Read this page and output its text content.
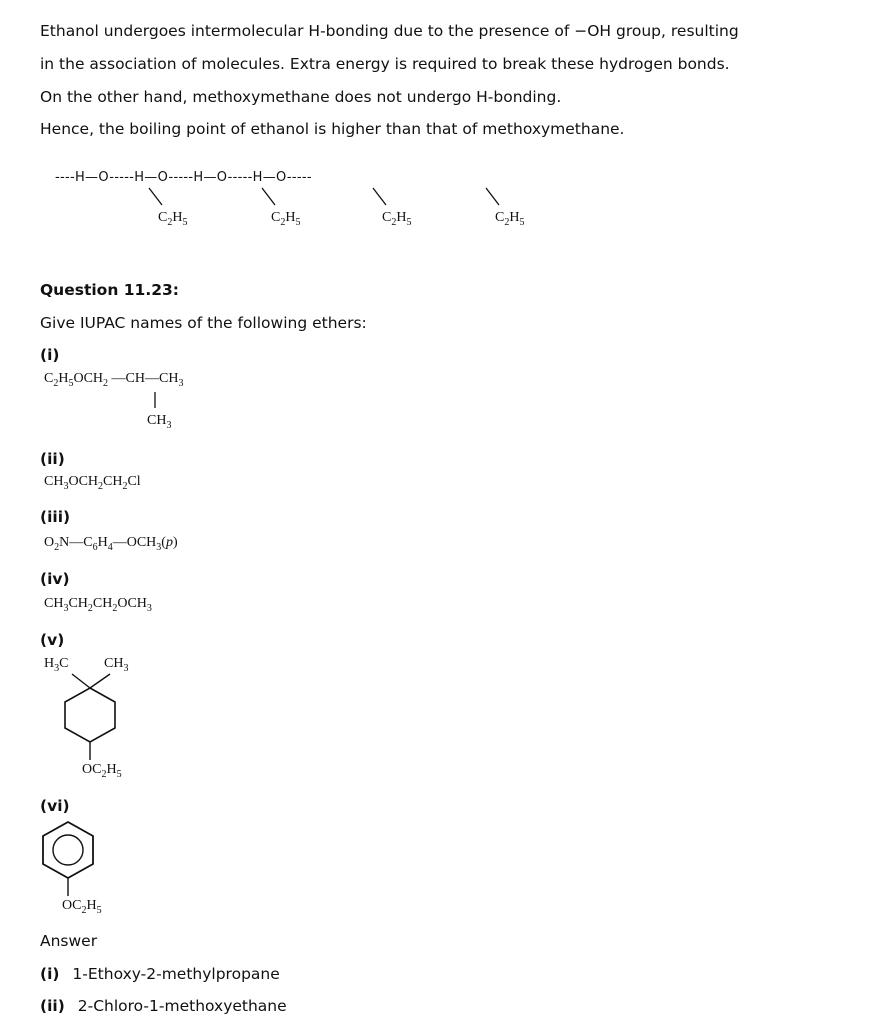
Ethanol undergoes intermolecular H-bonding due to the presence of −OH group, resulting
in the association of molecules. Extra energy is required to break these hydrogen bonds.
On the other hand, methoxymethane does not undergo H-bonding.
Hence, the boiling point of ethanol is higher than that of methoxymethane.
----H—O-----H—O-----H—O-----H—O-----
$C_2H_5$	$C_2H_5$	$C_2H_5$	$C_2H_5$
Question 11.23:
Give IUPAC names of the following ethers:
(i)
$C_2H_5OCH_2$ $—CH—CH_3$
$CH_3$
(ii)
$CH_3OCH_2CH_2Cl$
(iii)
$O_2N—C_6H_4—OCH_3(p)$
(iv)
$CH_3CH_2CH_2OCH_3$
(v)
$H_3C$	$CH_3$
$OC_2H_5$
(vi)
$OC_2H_5$
Answer
(i) 1-Ethoxy-2-methylpropane
(ii) 2-Chloro-1-methoxyethane
